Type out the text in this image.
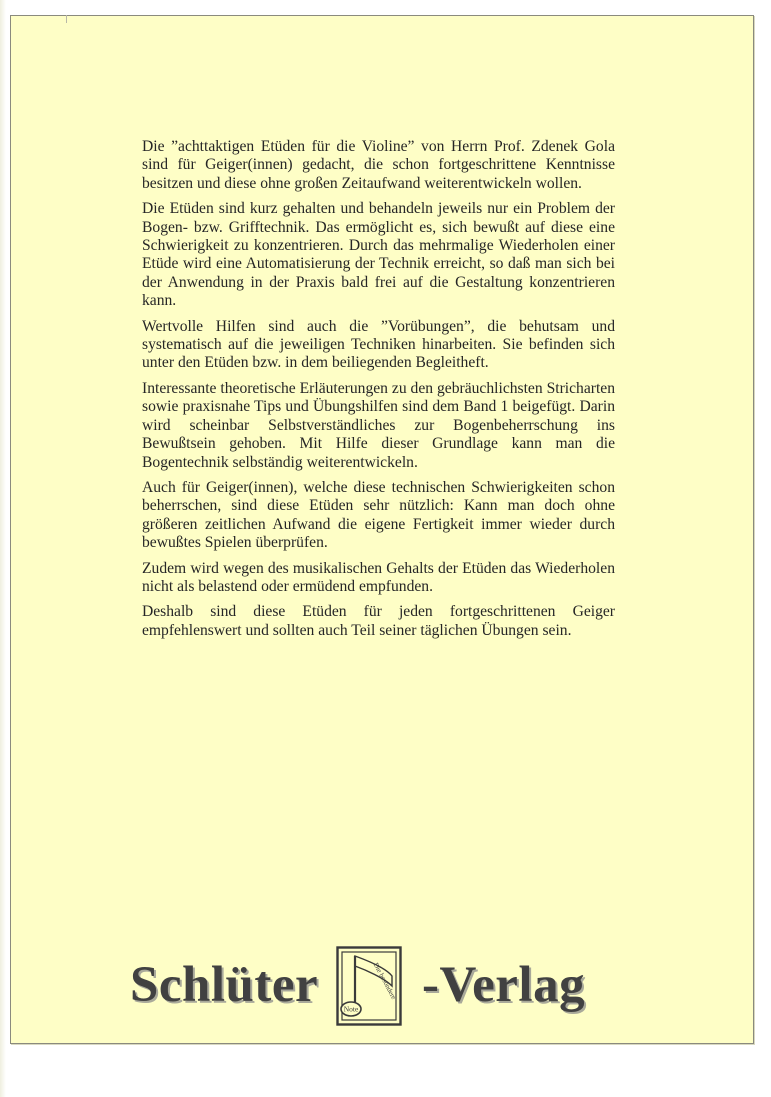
Die ”achttaktigen Etüden für die Violine” von Herrn Prof. Zdenek Gola sind für Geiger(innen) gedacht, die schon fortgeschrittene Kenntnisse besitzen und diese ohne großen Zeitaufwand weiterentwickeln wollen.

Die Etüden sind kurz gehalten und behandeln jeweils nur ein Problem der Bogen- bzw. Grifftechnik. Das ermöglicht es, sich bewußt auf diese eine Schwierigkeit zu konzentrieren. Durch das mehrmalige Wiederholen einer Etüde wird eine Automatisierung der Technik erreicht, so daß man sich bei der Anwendung in der Praxis bald frei auf die Gestaltung konzentrieren kann.

Wertvolle Hilfen sind auch die ”Vorübungen”, die behutsam und systematisch auf die jeweiligen Techniken hinarbeiten. Sie befinden sich unter den Etüden bzw. in dem beiliegenden Begleitheft.

Interessante theoretische Erläuterungen zu den gebräuchlichsten Stricharten sowie praxisnahe Tips und Übungshilfen sind dem Band 1 beigefügt. Darin wird scheinbar Selbstverständliches zur Bogenbeherrschung ins Bewußtsein gehoben. Mit Hilfe dieser Grundlage kann man die Bogentechnik selbständig weiterentwickeln.

Auch für Geiger(innen), welche diese technischen Schwierigkeiten schon beherrschen, sind diese Etüden sehr nützlich: Kann man doch ohne größeren zeitlichen Aufwand die eigene Fertigkeit immer wieder durch bewußtes Spielen überprüfen.

Zudem wird wegen des musikalischen Gehalts der Etüden das Wiederholen nicht als belastend oder ermüdend empfunden.

Deshalb sind diese Etüden für jeden fortgeschrittenen Geiger empfehlenswert und sollten auch Teil seiner täglichen Übungen sein.

Schlüter	Die besondere
Note -Verlag
